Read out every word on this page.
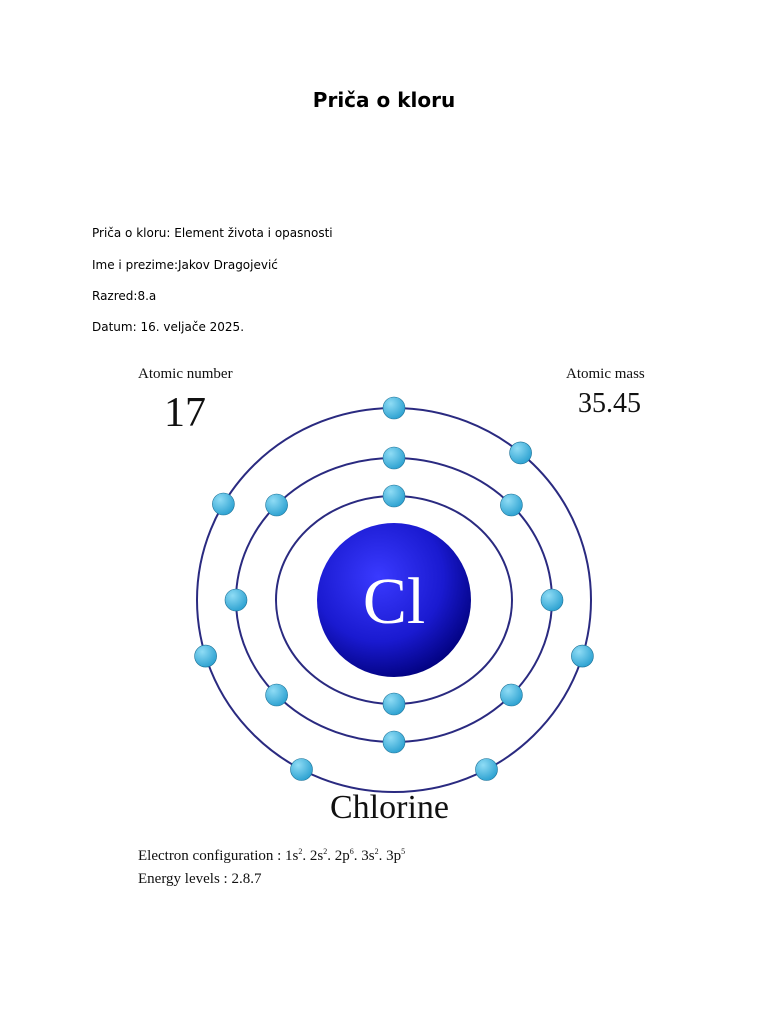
Priča o kloru
Priča o kloru: Element života i opasnosti
Ime i prezime:Jakov Dragojević
Razred:8.a
Datum: 16. veljače 2025.
Cl
Atomic number
17
Atomic mass
35.45
Chlorine
Electron configuration : $1s^2$. $2s^2$. $2p^6$. $3s^2$. $3p^5$
Energy levels : 2.8.7
